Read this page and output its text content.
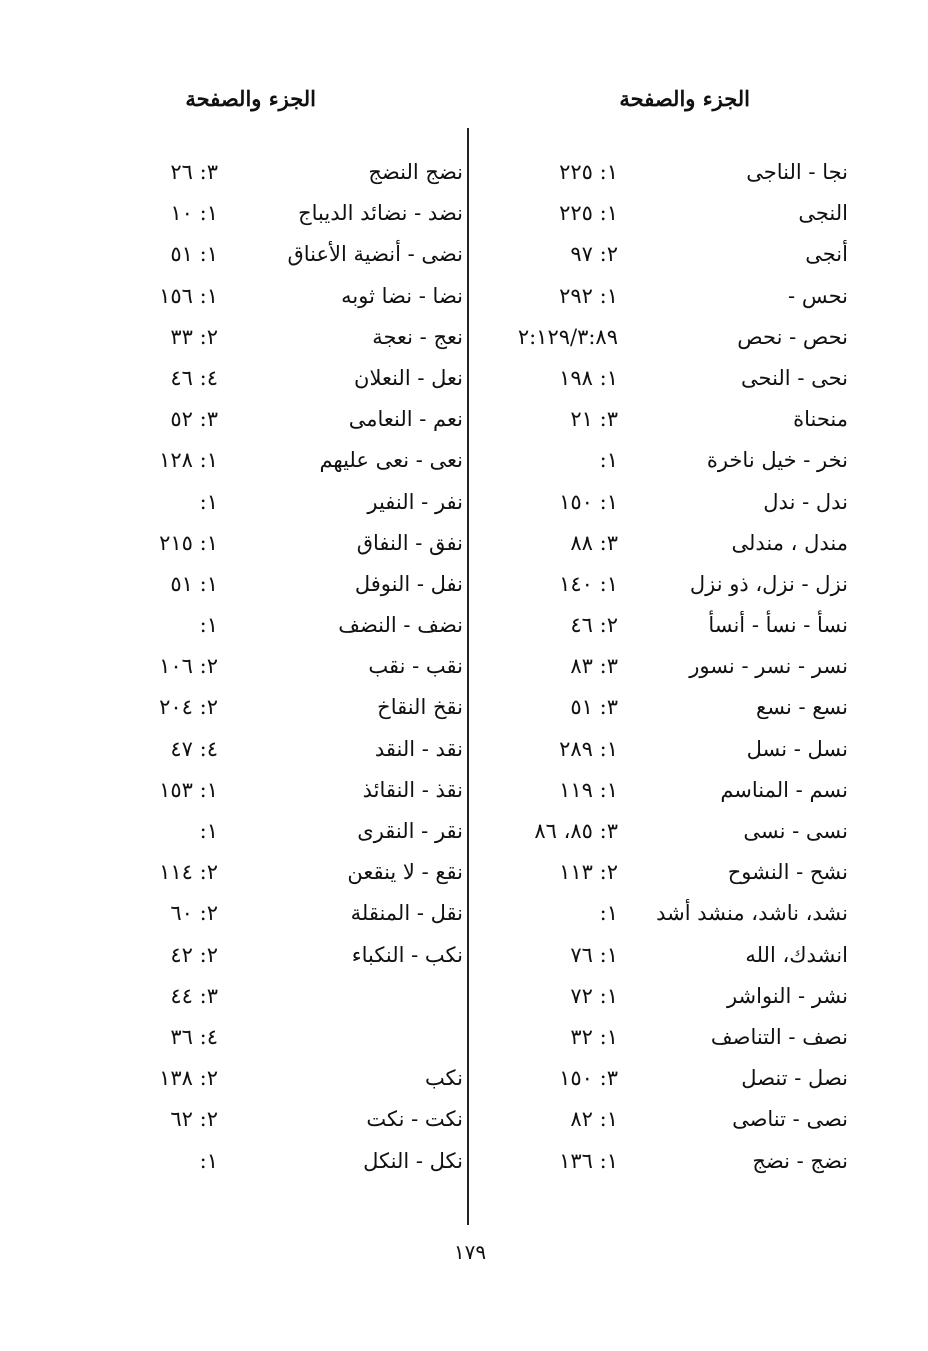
الجزء والصفحة
الجزء والصفحة
نجا - الناجى
١: ٢٢٥
النجى
١: ٢٢٥
أنجى
٢: ٩٧
نحس -
١: ٢٩٢
نحص - نحص
٢:١٢٩/٣:٨٩
نحى - النحى
١: ١٩٨
منحناة
٣: ٢١
نخر - خيل ناخرة
١:
ندل - ندل
١: ١٥٠
مندل ، مندلى
٣: ٨٨
نزل - نزل، ذو نزل
١: ١٤٠
نسأ - نسأ - أنسأ
٢: ٤٦
نسر - نسر - نسور
٣: ٨٣
نسع - نسع
٣: ٥١
نسل - نسل
١: ٢٨٩
نسم - المناسم
١: ١١٩
نسى - نسى
٣: ٨٥، ٨٦
نشح - النشوح
٢: ١١٣
نشد، ناشد، منشد أشد
١:
انشدك، الله
١: ٧٦
نشر - النواشر
١: ٧٢
نصف - التناصف
١: ٣٢
نصل - تنصل
٣: ١٥٠
نصى - تناصى
١: ٨٢
نضج - نضج
١: ١٣٦
نضج النضج
٣: ٢٦
نضد - نضائد الديباج
١: ١٠
نضى - أنضية الأعناق
١: ٥١
نضا - نضا ثوبه
١: ١٥٦
نعج - نعجة
٢: ٣٣
نعل - النعلان
٤: ٤٦
نعم - النعامى
٣: ٥٢
نعى - نعى عليهم
١: ١٢٨
نفر - النفير
١:
نفق - النفاق
١: ٢١٥
نفل - النوفل
١: ٥١
نضف - النضف
١:
نقب - نقب
٢: ١٠٦
نقخ النقاخ
٢: ٢٠٤
نقد - النقد
٤: ٤٧
نقذ - النقائذ
١: ١٥٣
نقر - النقرى
١:
نقع - لا ينقعن
٢: ١١٤
نقل - المنقلة
٢: ٦٠
نكب - النكباء
٢: ٤٢
٣: ٤٤
٤: ٣٦
نكب
٢: ١٣٨
نكت - نكت
٢: ٦٢
نكل - النكل
١:
١٧٩
